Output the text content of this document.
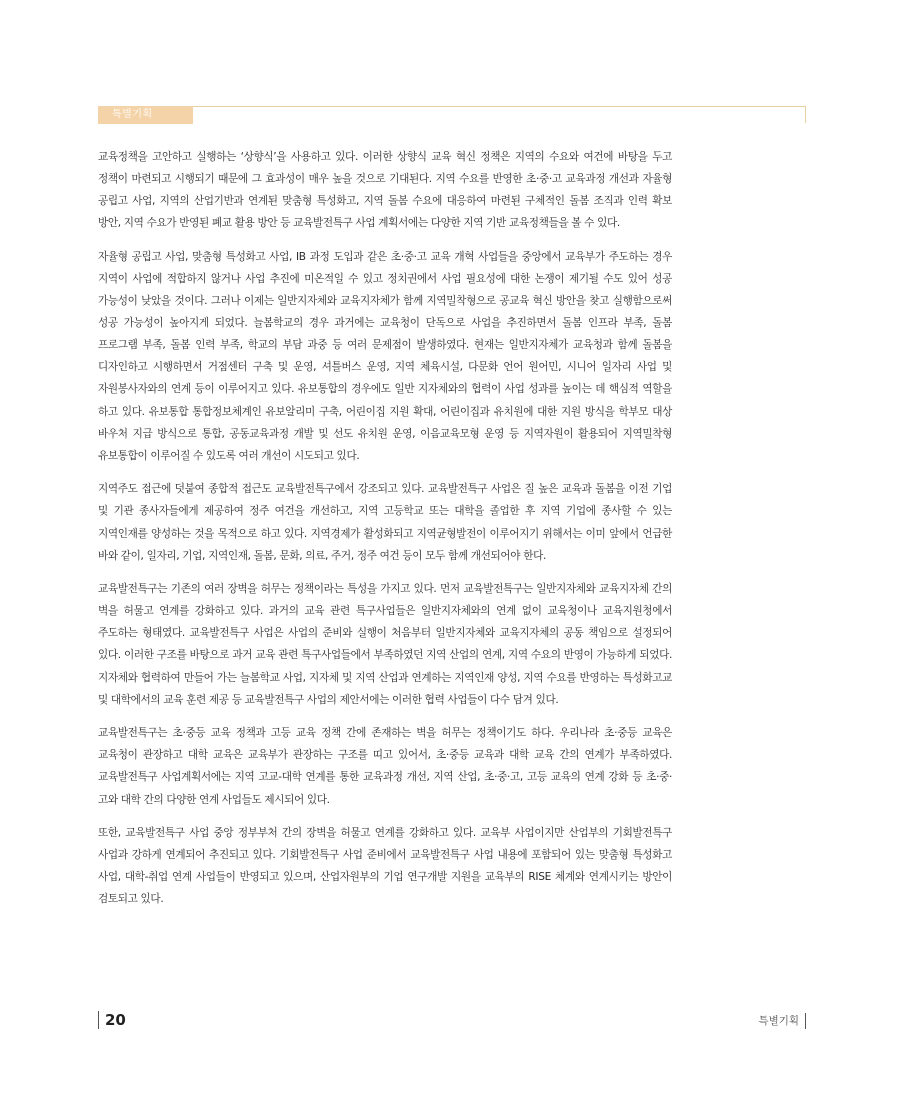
특별기획

교육정책을 고안하고 실행하는 ‘상향식’을 사용하고 있다. 이러한 상향식 교육 혁신 정책은 지역의 수요와 여건에 바탕을 두고 정책이 마련되고 시행되기 때문에 그 효과성이 매우 높을 것으로 기대된다. 지역 수요를 반영한 초·중·고 교육과정 개선과 자율형 공립고 사업, 지역의 산업기반과 연계된 맞춤형 특성화고, 지역 돌봄 수요에 대응하여 마련된 구체적인 돌봄 조직과 인력 확보 방안, 지역 수요가 반영된 폐교 활용 방안 등 교육발전특구 사업 계획서에는 다양한 지역 기반 교육정책들을 볼 수 있다.

자율형 공립고 사업, 맞춤형 특성화고 사업, IB 과정 도입과 같은 초·중·고 교육 개혁 사업들을 중앙에서 교육부가 주도하는 경우 지역이 사업에 적합하지 않거나 사업 추진에 미온적일 수 있고 정치권에서 사업 필요성에 대한 논쟁이 제기될 수도 있어 성공 가능성이 낮았을 것이다. 그러나 이제는 일반지자체와 교육지자체가 함께 지역밀착형으로 공교육 혁신 방안을 찾고 실행함으로써 성공 가능성이 높아지게 되었다. 늘봄학교의 경우 과거에는 교육청이 단독으로 사업을 추진하면서 돌봄 인프라 부족, 돌봄 프로그램 부족, 돌봄 인력 부족, 학교의 부담 과중 등 여러 문제점이 발생하였다. 현재는 일반지자체가 교육청과 함께 돌봄을 디자인하고 시행하면서 거점센터 구축 및 운영, 셔틀버스 운영, 지역 체육시설, 다문화 언어 원어민, 시니어 일자리 사업 및 자원봉사자와의 연계 등이 이루어지고 있다. 유보통합의 경우에도 일반 지자체와의 협력이 사업 성과를 높이는 데 핵심적 역할을 하고 있다. 유보통합 통합정보체계인 유보알리미 구축, 어린이집 지원 확대, 어린이집과 유치원에 대한 지원 방식을 학부모 대상 바우처 지급 방식으로 통합, 공동교육과정 개발 및 선도 유치원 운영, 이음교육모형 운영 등 지역자원이 활용되어 지역밀착형 유보통합이 이루어질 수 있도록 여러 개선이 시도되고 있다.

지역주도 접근에 덧붙여 종합적 접근도 교육발전특구에서 강조되고 있다. 교육발전특구 사업은 질 높은 교육과 돌봄을 이전 기업 및 기관 종사자들에게 제공하여 정주 여건을 개선하고, 지역 고등학교 또는 대학을 졸업한 후 지역 기업에 종사할 수 있는 지역인재를 양성하는 것을 목적으로 하고 있다. 지역경제가 활성화되고 지역균형발전이 이루어지기 위해서는 이미 앞에서 언급한 바와 같이, 일자리, 기업, 지역인재, 돌봄, 문화, 의료, 주거, 정주 여건 등이 모두 함께 개선되어야 한다.

교육발전특구는 기존의 여러 장벽을 허무는 정책이라는 특성을 가지고 있다. 먼저 교육발전특구는 일반지자체와 교육지자체 간의 벽을 허물고 연계를 강화하고 있다. 과거의 교육 관련 특구사업들은 일반지자체와의 연계 없이 교육청이나 교육지원청에서 주도하는 형태였다. 교육발전특구 사업은 사업의 준비와 실행이 처음부터 일반지자체와 교육지자체의 공동 책임으로 설정되어 있다. 이러한 구조를 바탕으로 과거 교육 관련 특구사업들에서 부족하였던 지역 산업의 연계, 지역 수요의 반영이 가능하게 되었다. 지자체와 협력하여 만들어 가는 늘봄학교 사업, 지자체 및 지역 산업과 연계하는 지역인재 양성, 지역 수요를 반영하는 특성화고교 및 대학에서의 교육 훈련 제공 등 교육발전특구 사업의 제안서에는 이러한 협력 사업들이 다수 담겨 있다.

교육발전특구는 초·중등 교육 정책과 고등 교육 정책 간에 존재하는 벽을 허무는 정책이기도 하다. 우리나라 초·중등 교육은 교육청이 관장하고 대학 교육은 교육부가 관장하는 구조를 띠고 있어서, 초·중등 교육과 대학 교육 간의 연계가 부족하였다. 교육발전특구 사업계획서에는 지역 고교-대학 연계를 통한 교육과정 개선, 지역 산업, 초·중·고, 고등 교육의 연계 강화 등 초·중·고와 대학 간의 다양한 연계 사업들도 제시되어 있다.

또한, 교육발전특구 사업 중앙 정부부처 간의 장벽을 허물고 연계를 강화하고 있다. 교육부 사업이지만 산업부의 기회발전특구 사업과 강하게 연계되어 추진되고 있다. 기회발전특구 사업 준비에서 교육발전특구 사업 내용에 포함되어 있는 맞춤형 특성화고 사업, 대학-취업 연계 사업들이 반영되고 있으며, 산업자원부의 기업 연구개발 지원을 교육부의 RISE 체계와 연계시키는 방안이 검토되고 있다.

20	특별기획
